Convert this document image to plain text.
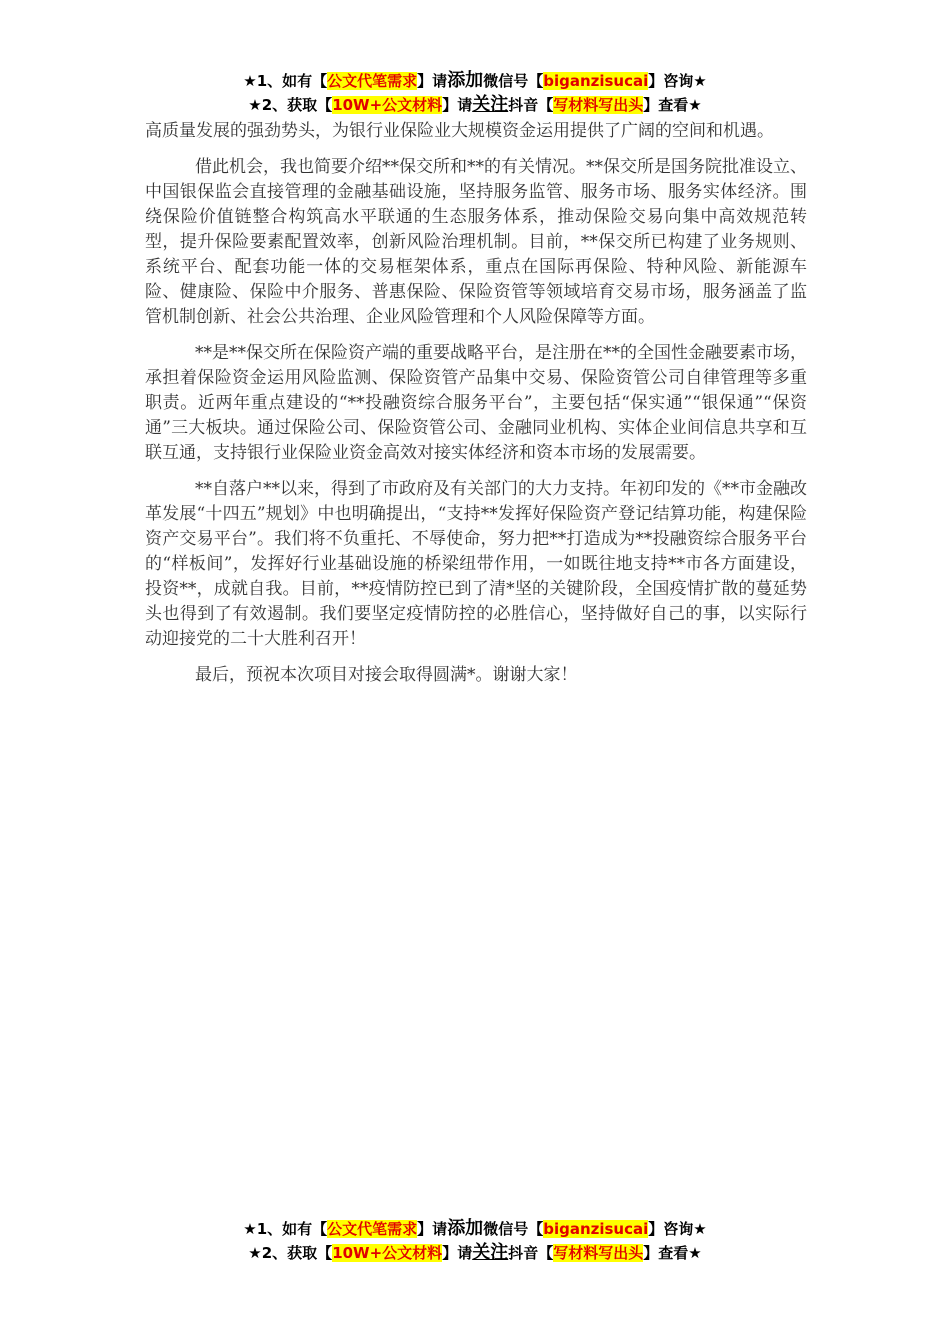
★1、如有【公文代笔需求】请添加微信号【biganzisucai】咨询★
★2、获取【10W+公文材料】请关注抖音【写材料写出头】查看★

高质量发展的强劲势头，为银行业保险业大规模资金运用提供了广阔的空间和机遇。

借此机会，我也简要介绍**保交所和**的有关情况。**保交所是国务院批准设立、中国银保监会直接管理的金融基础设施，坚持服务监管、服务市场、服务实体经济。围绕保险价值链整合构筑高水平联通的生态服务体系，推动保险交易向集中高效规范转型，提升保险要素配置效率，创新风险治理机制。目前，**保交所已构建了业务规则、系统平台、配套功能一体的交易框架体系，重点在国际再保险、特种风险、新能源车险、健康险、保险中介服务、普惠保险、保险资管等领域培育交易市场，服务涵盖了监管机制创新、社会公共治理、企业风险管理和个人风险保障等方面。

**是**保交所在保险资产端的重要战略平台，是注册在**的全国性金融要素市场，承担着保险资金运用风险监测、保险资管产品集中交易、保险资管公司自律管理等多重职责。近两年重点建设的“**投融资综合服务平台”，主要包括“保实通”“银保通”“保资通”三大板块。通过保险公司、保险资管公司、金融同业机构、实体企业间信息共享和互联互通，支持银行业保险业资金高效对接实体经济和资本市场的发展需要。

**自落户**以来，得到了市政府及有关部门的大力支持。年初印发的《**市金融改革发展“十四五”规划》中也明确提出，“支持**发挥好保险资产登记结算功能，构建保险资产交易平台”。我们将不负重托、不辱使命，努力把**打造成为**投融资综合服务平台的“样板间”，发挥好行业基础设施的桥梁纽带作用，一如既往地支持**市各方面建设，投资**，成就自我。目前，**疫情防控已到了清*坚的关键阶段，全国疫情扩散的蔓延势头也得到了有效遏制。我们要坚定疫情防控的必胜信心，坚持做好自己的事，以实际行动迎接党的二十大胜利召开！

最后，预祝本次项目对接会取得圆满*。谢谢大家！

★1、如有【公文代笔需求】请添加微信号【biganzisucai】咨询★
★2、获取【10W+公文材料】请关注抖音【写材料写出头】查看★
